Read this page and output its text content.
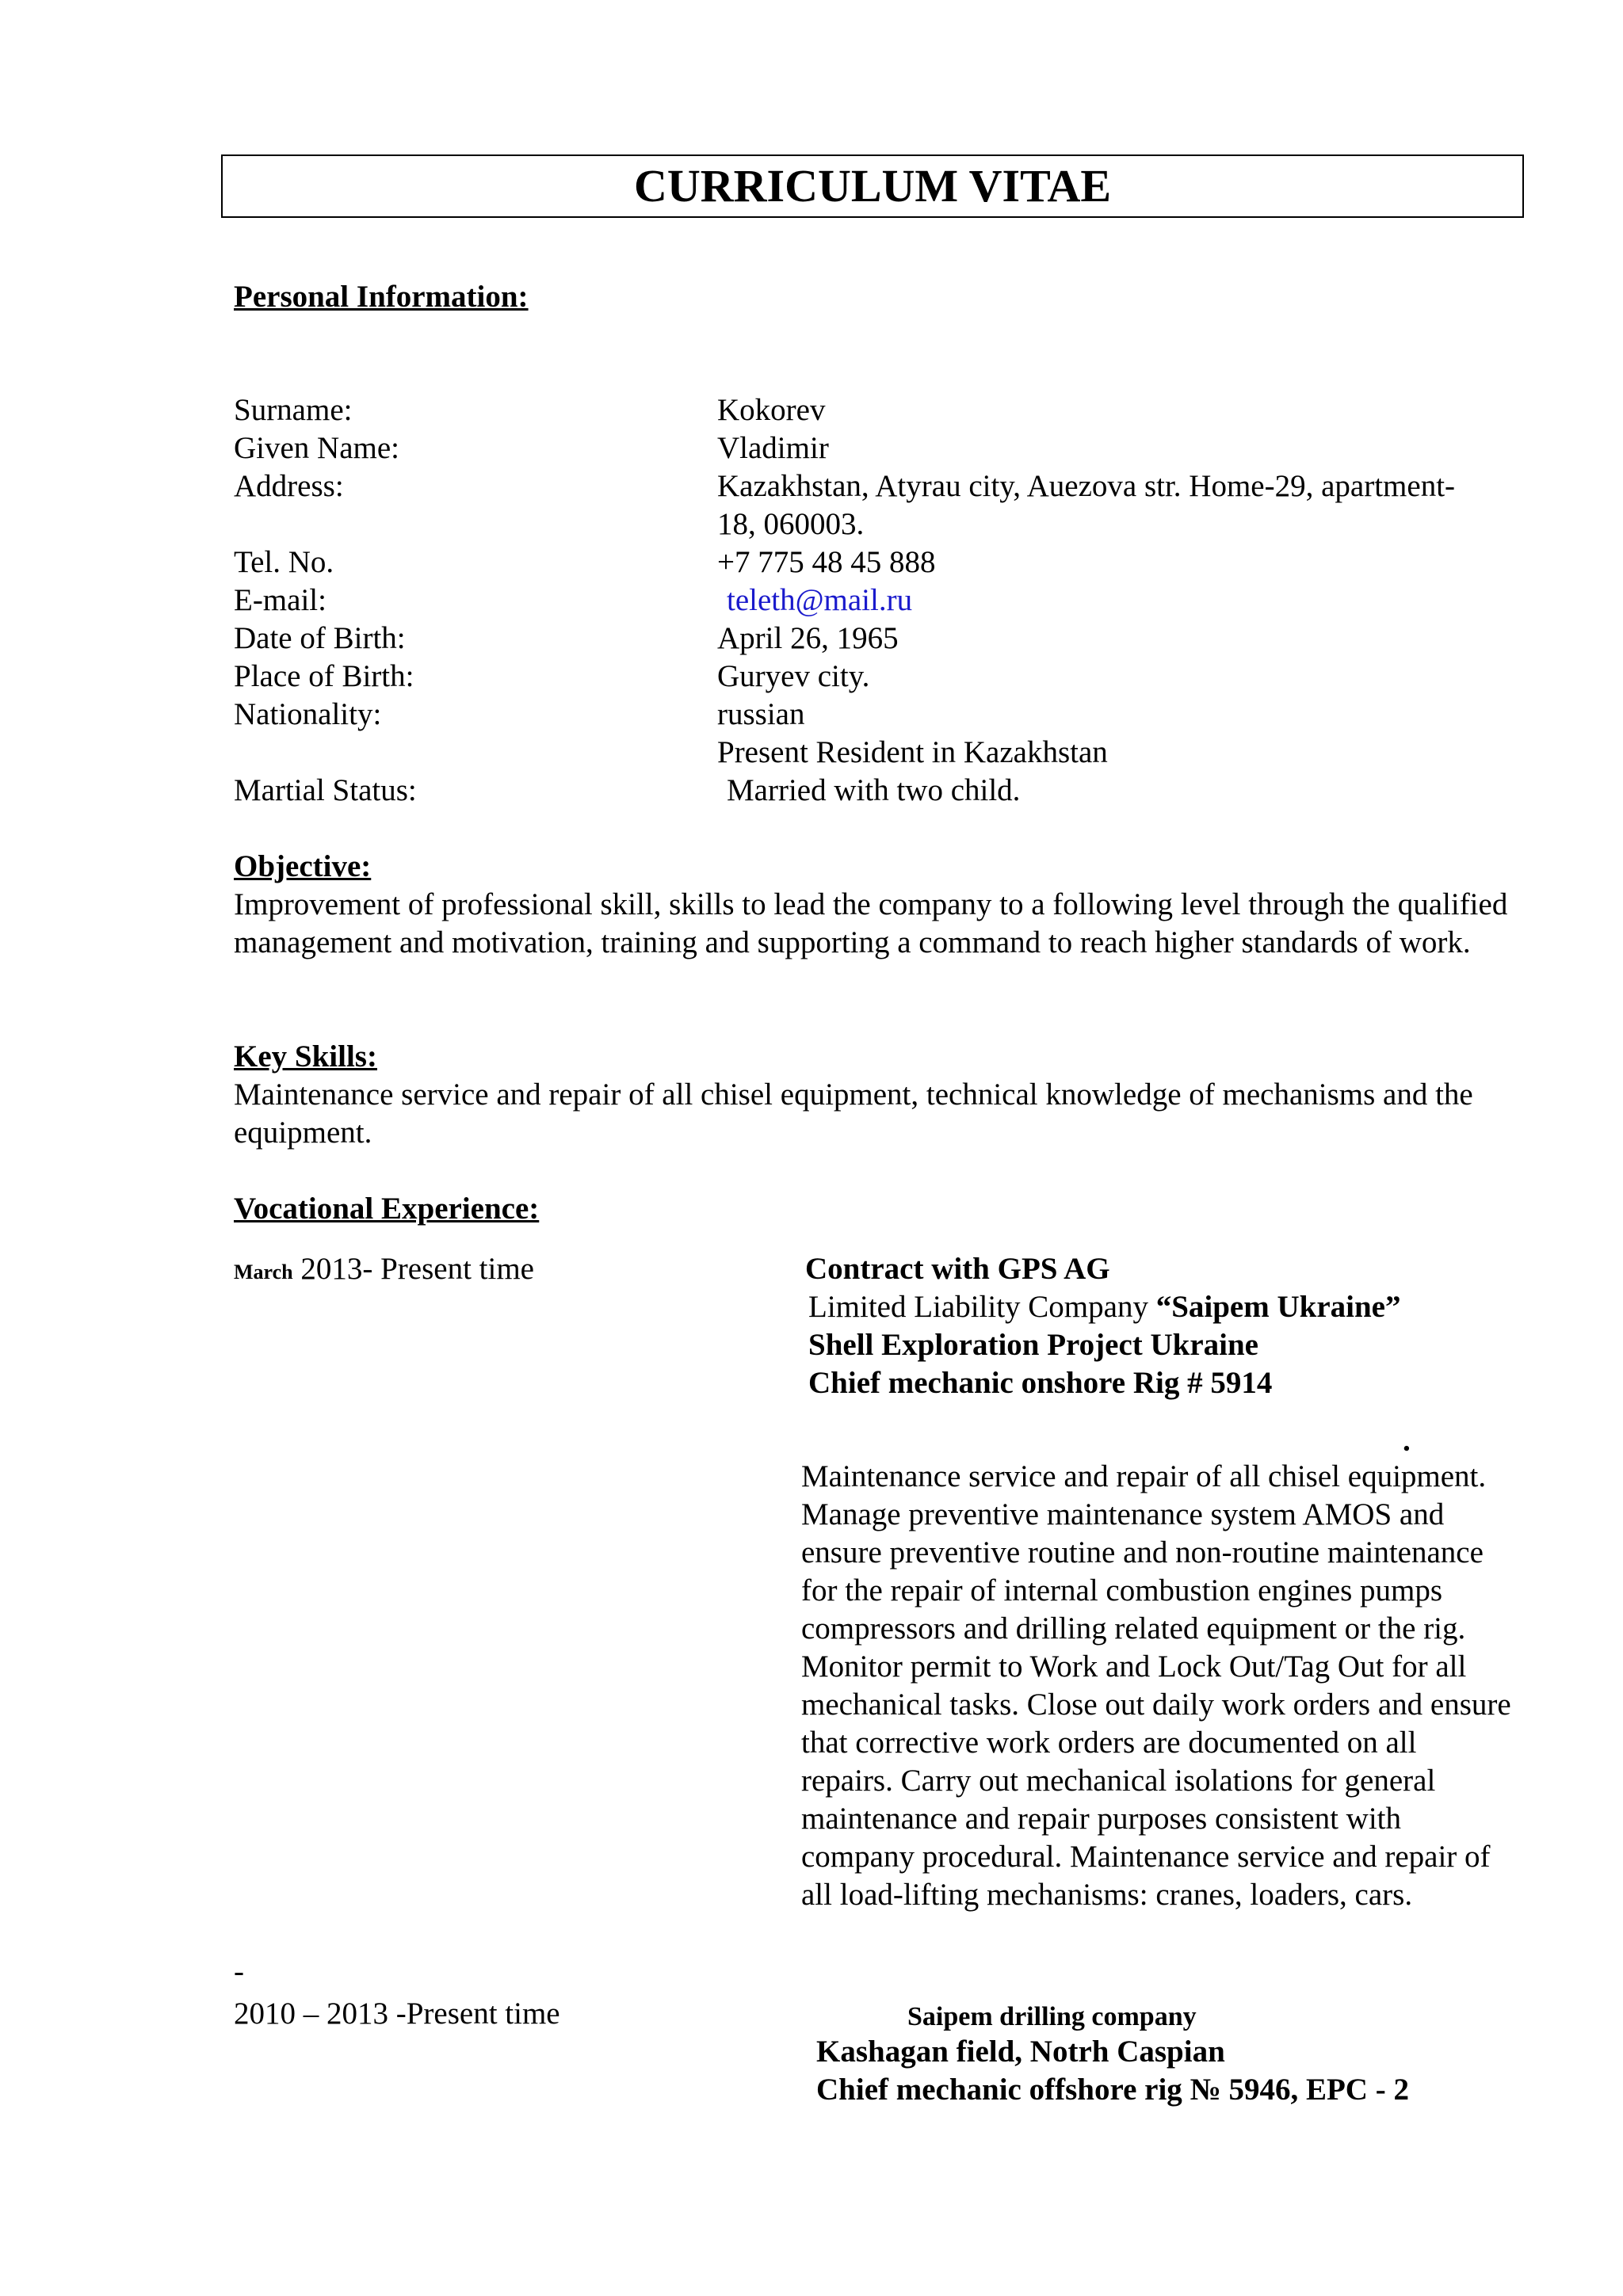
CURRICULUM VITAE
Personal Information:
Surname:	Kokorev
Given Name:	Vladimir
Address:	Kazakhstan, Atyrau city, Auezova str. Home-29, apartment-
18, 060003.
Tel. No.	+7 775 48 45 888
E-mail:	teleth@mail.ru
Date of Birth:	April 26, 1965
Place of Birth:	Guryev city.
Nationality:	russian
Present Resident in Kazakhstan
Martial Status:	Married with two child.
Objective:
Improvement of professional skill, skills to lead the company to a following level through the qualified management and motivation, training and supporting a command to reach higher standards of work.
Key Skills:
Maintenance service and repair of all chisel equipment, technical knowledge of mechanisms and the equipment.
Vocational Experience:
March 2013- Present time	Contract with GPS AG
Limited Liability Company “Saipem Ukraine”
Shell Exploration Project Ukraine
Chief mechanic onshore Rig # 5914
.
Maintenance service and repair of all chisel equipment. Manage preventive maintenance system AMOS and ensure preventive routine and non-routine maintenance for the repair of internal combustion engines pumps compressors and drilling related equipment or the rig. Monitor permit to Work and Lock Out/Tag Out for all mechanical tasks. Close out daily work orders and ensure that corrective work orders are documented on all repairs. Carry out mechanical isolations for general maintenance and repair purposes consistent with company procedural. Maintenance service and repair of all load-lifting mechanisms: cranes, loaders, cars.
-
2010 – 2013 -Present time	Saipem drilling company
Kashagan field, Notrh Caspian
Chief mechanic offshore rig № 5946, EPC - 2
